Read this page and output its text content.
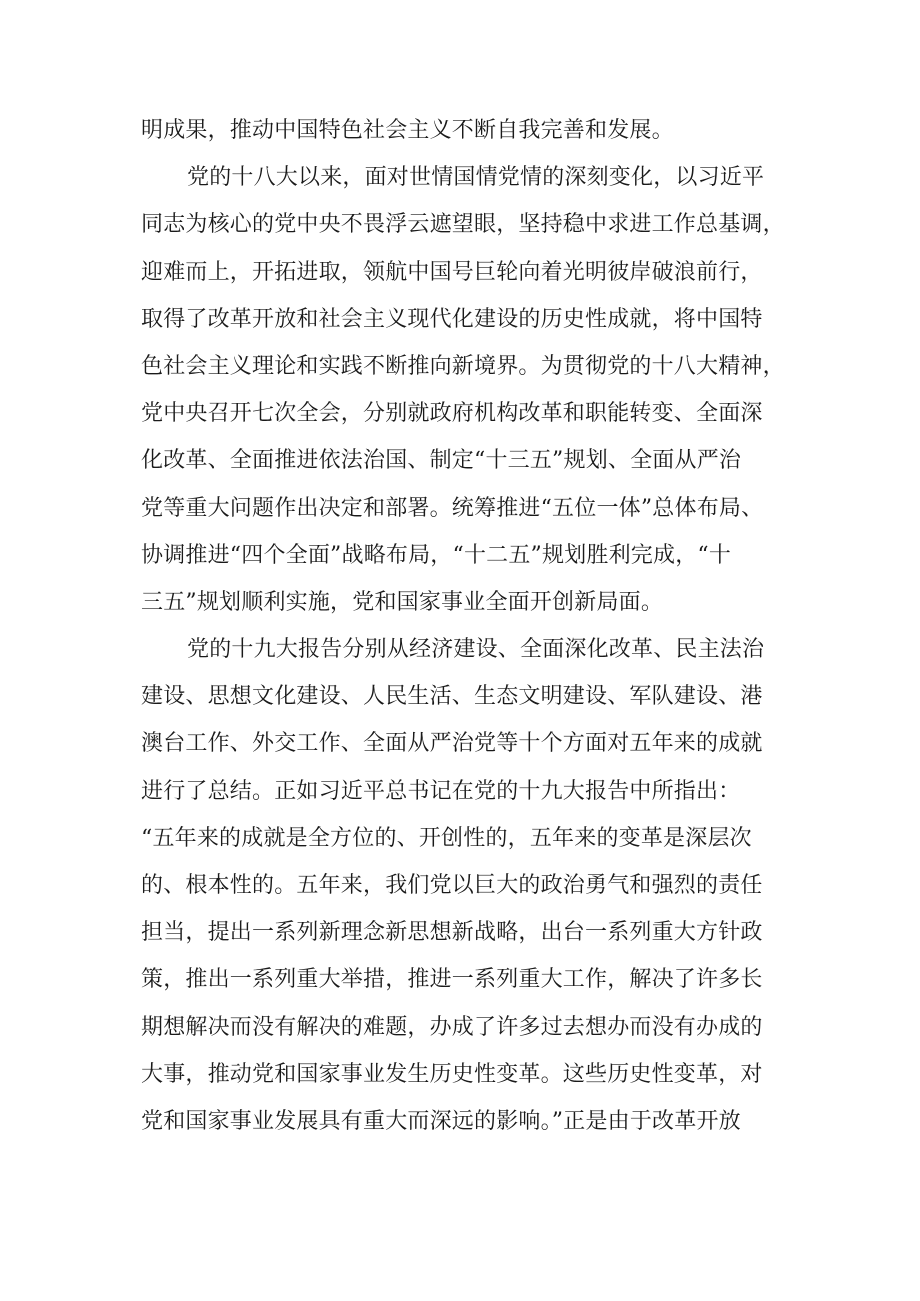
明成果，推动中国特色社会主义不断自我完善和发展。
党的十八大以来，面对世情国情党情的深刻变化，以习近平
同志为核心的党中央不畏浮云遮望眼，坚持稳中求进工作总基调，
迎难而上，开拓进取，领航中国号巨轮向着光明彼岸破浪前行，
取得了改革开放和社会主义现代化建设的历史性成就，将中国特
色社会主义理论和实践不断推向新境界。为贯彻党的十八大精神，
党中央召开七次全会，分别就政府机构改革和职能转变、全面深
化改革、全面推进依法治国、制定“十三五”规划、全面从严治
党等重大问题作出决定和部署。统筹推进“五位一体”总体布局、
协调推进“四个全面”战略布局，“十二五”规划胜利完成，“十
三五”规划顺利实施，党和国家事业全面开创新局面。
党的十九大报告分别从经济建设、全面深化改革、民主法治
建设、思想文化建设、人民生活、生态文明建设、军队建设、港
澳台工作、外交工作、全面从严治党等十个方面对五年来的成就
进行了总结。正如习近平总书记在党的十九大报告中所指出：
“五年来的成就是全方位的、开创性的，五年来的变革是深层次
的、根本性的。五年来，我们党以巨大的政治勇气和强烈的责任
担当，提出一系列新理念新思想新战略，出台一系列重大方针政
策，推出一系列重大举措，推进一系列重大工作，解决了许多长
期想解决而没有解决的难题，办成了许多过去想办而没有办成的
大事，推动党和国家事业发生历史性变革。这些历史性变革，对
党和国家事业发展具有重大而深远的影响。”正是由于改革开放
